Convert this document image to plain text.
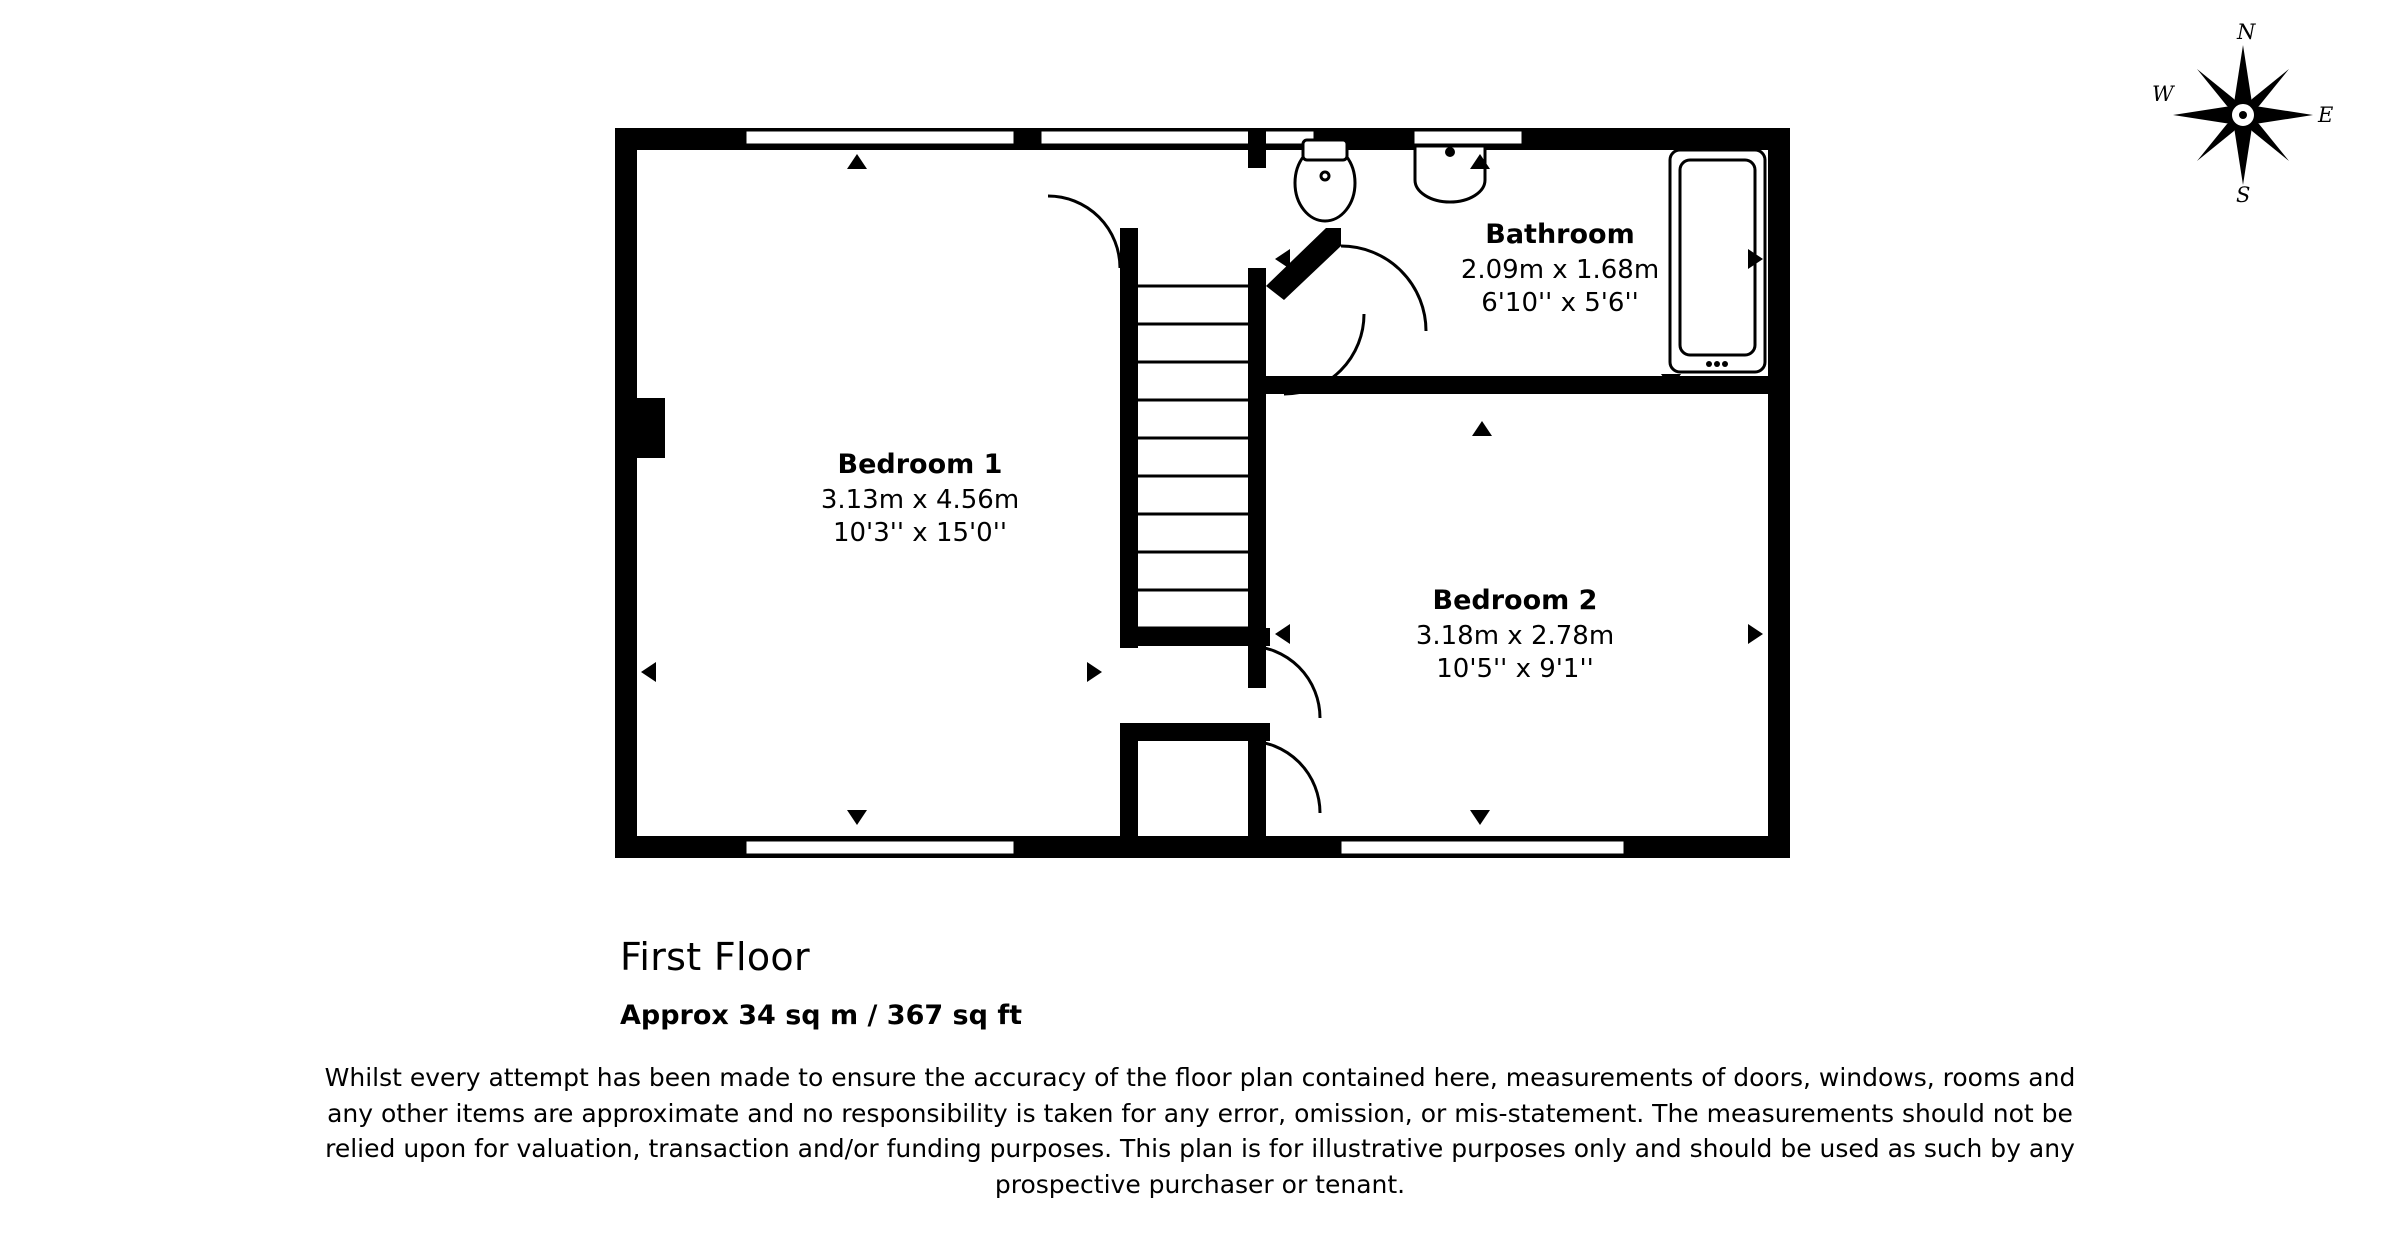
Bedroom 1
3.13m x 4.56m
10'3'' x 15'0''
Bedroom 2
3.18m x 2.78m
10'5'' x 9'1''
Bathroom
2.09m x 1.68m
6'10'' x 5'6''
First Floor
Approx 34 sq m / 367 sq ft
Whilst every attempt has been made to ensure the accuracy of the floor plan contained here, measurements of doors, windows, rooms and any other items are approximate and no responsibility is taken for any error, omission, or mis-statement. The measurements should not be relied upon for valuation, transaction and/or funding purposes. This plan is for illustrative purposes only and should be used as such by any prospective purchaser or tenant.
N
E
S
W
